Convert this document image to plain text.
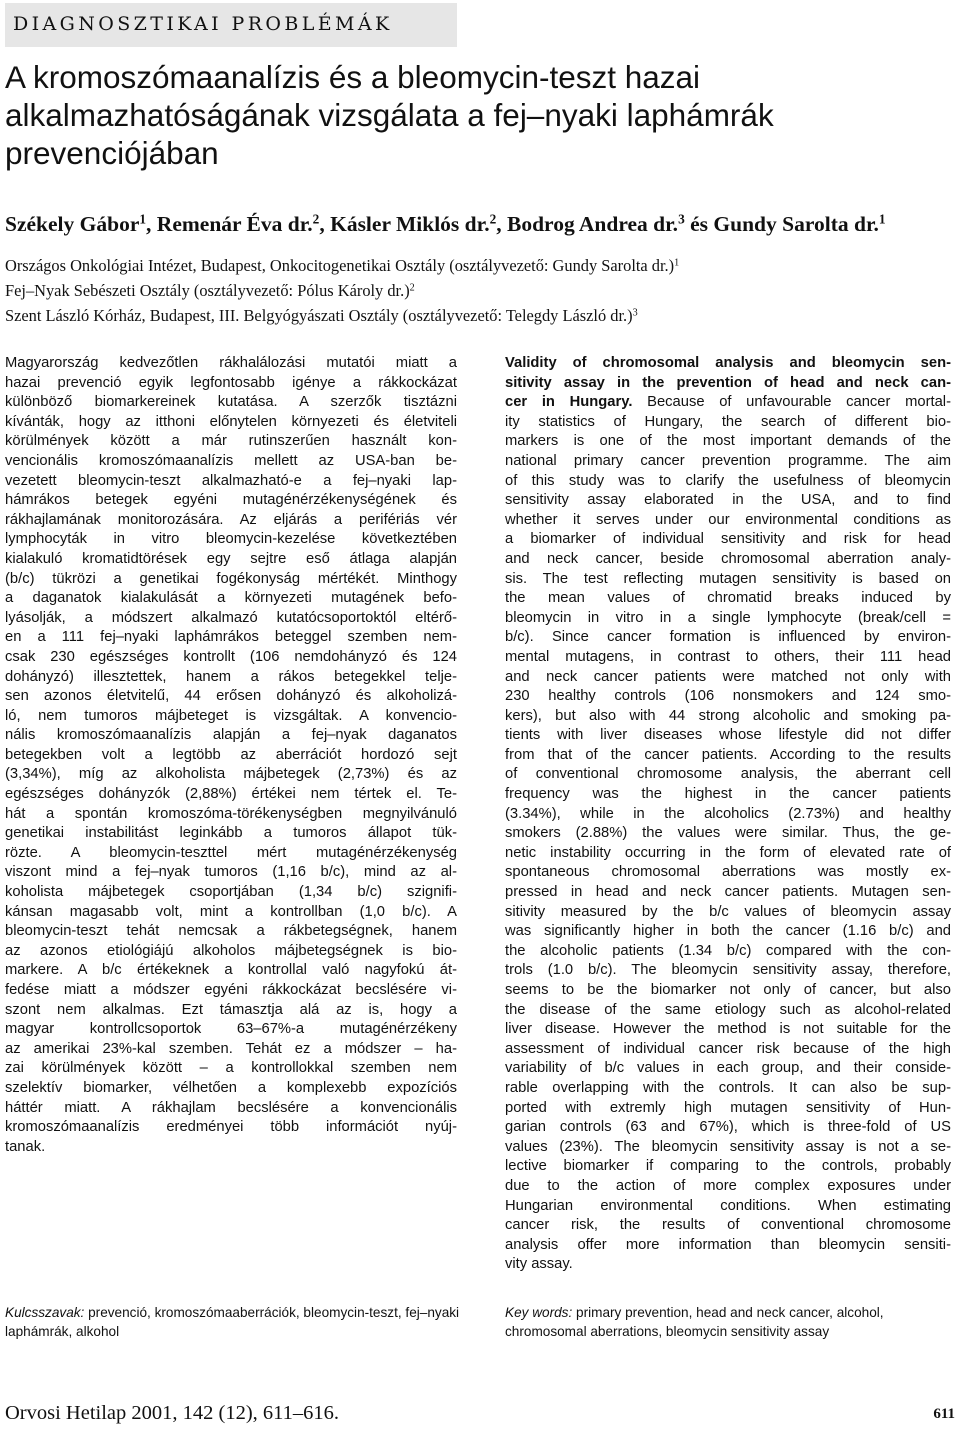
DIAGNOSZTIKAI PROBLÉMÁK
A kromoszómaanalízis és a bleomycin-teszt hazai
alkalmazhatóságának vizsgálata a fej–nyaki laphámrák
prevenciójában
Székely Gábor$^1$, Remenár Éva dr.$^2$, Kásler Miklós dr.$^2$, Bodrog Andrea dr.$^3$ és Gundy Sarolta dr.$^1$
Országos Onkológiai Intézet, Budapest, Onkocitogenetikai Osztály (osztályvezető: Gundy Sarolta dr.)$^1$
Fej–Nyak Sebészeti Osztály (osztályvezető: Pólus Károly dr.)$^2$
Szent László Kórház, Budapest, III. Belgyógyászati Osztály (osztályvezető: Telegdy László dr.)$^3$
Magyarország kedvezőtlen rákhalálozási mutatói miatt a
hazai prevenció egyik legfontosabb igénye a rákkockázat
különböző biomarkereinek kutatása. A szerzők tisztázni
kívánták, hogy az itthoni előnytelen környezeti és életviteli
körülmények között a már rutinszerűen használt kon-
vencionális kromoszómaanalízis mellett az USA-ban be-
vezetett bleomycin-teszt alkalmazható-e a fej–nyaki lap-
hámrákos betegek egyéni mutagénérzékenységének és
rákhajlamának monitorozására. Az eljárás a perifériás vér
lymphocyták in vitro bleomycin-kezelése következtében
kialakuló kromatidtörések egy sejtre eső átlaga alapján
(b/c) tükrözi a genetikai fogékonyság mértékét. Minthogy
a daganatok kialakulását a környezeti mutagének befo-
lyásolják, a módszert alkalmazó kutatócsoportoktól eltérő-
en a 111 fej–nyaki laphámrákos beteggel szemben nem-
csak 230 egészséges kontrollt (106 nemdohányzó és 124
dohányzó) illesztettek, hanem a rákos betegekkel telje-
sen azonos életvitelű, 44 erősen dohányzó és alkoholizá-
ló, nem tumoros májbeteget is vizsgáltak. A konvencio-
nális kromoszómaanalízis alapján a fej–nyak daganatos
betegekben volt a legtöbb az aberrációt hordozó sejt
(3,34%), míg az alkoholista májbetegek (2,73%) és az
egészséges dohányzók (2,88%) értékei nem tértek el. Te-
hát a spontán kromoszóma-törékenységben megnyilvánuló
genetikai instabilitást leginkább a tumoros állapot tük-
rözte. A bleomycin-teszttel mért mutagénérzékenység
viszont mind a fej–nyak tumoros (1,16 b/c), mind az al-
koholista májbetegek csoportjában (1,34 b/c) szignifi-
kánsan magasabb volt, mint a kontrollban (1,0 b/c). A
bleomycin-teszt tehát nemcsak a rákbetegségnek, hanem
az azonos etiológiájú alkoholos májbetegségnek is bio-
markere. A b/c értékeknek a kontrollal való nagyfokú át-
fedése miatt a módszer egyéni rákkockázat becslésére vi-
szont nem alkalmas. Ezt támasztja alá az is, hogy a
magyar kontrollcsoportok 63–67%-a mutagénérzékeny
az amerikai 23%-kal szemben. Tehát ez a módszer – ha-
zai körülmények között – a kontrollokkal szemben nem
szelektív biomarker, vélhetően a komplexebb expozíciós
háttér miatt. A rákhajlam becslésére a konvencionális
kromoszómaanalízis eredményei több információt nyúj-
tanak.
Validity of chromosomal analysis and bleomycin sen-
sitivity assay in the prevention of head and neck can-
cer in Hungary. Because of unfavourable cancer mortal-
ity statistics of Hungary, the search of different bio-
markers is one of the most important demands of the
national primary cancer prevention programme. The aim
of this study was to clarify the usefulness of bleomycin
sensitivity assay elaborated in the USA, and to find
whether it serves under our environmental conditions as
a biomarker of individual sensitivity and risk for head
and neck cancer, beside chromosomal aberration analy-
sis. The test reflecting mutagen sensitivity is based on
the mean values of chromatid breaks induced by
bleomycin in vitro in a single lymphocyte (break/cell =
b/c). Since cancer formation is influenced by environ-
mental mutagens, in contrast to others, their 111 head
and neck cancer patients were matched not only with
230 healthy controls (106 nonsmokers and 124 smo-
kers), but also with 44 strong alcoholic and smoking pa-
tients with liver diseases whose lifestyle did not differ
from that of the cancer patients. According to the results
of conventional chromosome analysis, the aberrant cell
frequency was the highest in the cancer patients
(3.34%), while in the alcoholics (2.73%) and healthy
smokers (2.88%) the values were similar. Thus, the ge-
netic instability occurring in the form of elevated rate of
spontaneous chromosomal aberrations was mostly ex-
pressed in head and neck cancer patients. Mutagen sen-
sitivity measured by the b/c values of bleomycin assay
was significantly higher in both the cancer (1.16 b/c) and
the alcoholic patients (1.34 b/c) compared with the con-
trols (1.0 b/c). The bleomycin sensitivity assay, therefore,
seems to be the biomarker not only of cancer, but also
the disease of the same etiology such as alcohol-related
liver disease. However the method is not suitable for the
assessment of individual cancer risk because of the high
variability of b/c values in each group, and their conside-
rable overlapping with the controls. It can also be sup-
ported with extremly high mutagen sensitivity of Hun-
garian controls (63 and 67%), which is three-fold of US
values (23%). The bleomycin sensitivity assay is not a se-
lective biomarker if comparing to the controls, probably
due to the action of more complex exposures under
Hungarian environmental conditions. When estimating
cancer risk, the results of conventional chromosome
analysis offer more information than bleomycin sensiti-
vity assay.
Kulcsszavak: prevenció, kromoszómaaberrációk, bleomycin-teszt, fej–nyaki laphámrák, alkohol
Key words: primary prevention, head and neck cancer, alcohol, chromosomal aberrations, bleomycin sensitivity assay
Orvosi Hetilap 2001, 142 (12), 611–616.	611
